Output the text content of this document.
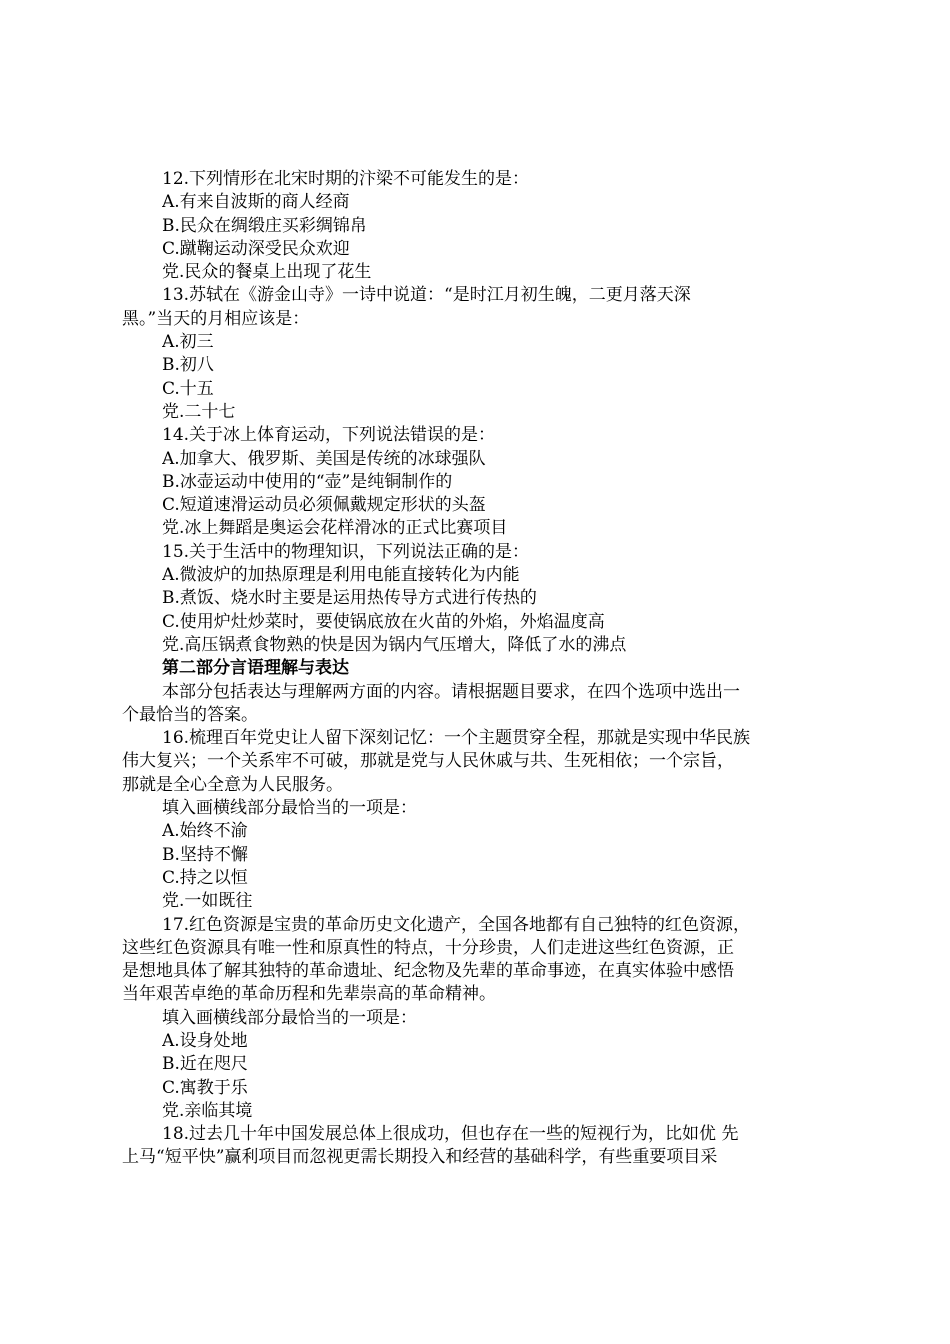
12.下列情形在北宋时期的汴梁不可能发生的是：
A.有来自波斯的商人经商
B.民众在绸缎庄买彩绸锦帛
C.蹴鞠运动深受民众欢迎
党.民众的餐桌上出现了花生
13.苏轼在《游金山寺》一诗中说道：“是时江月初生魄，二更月落天深
黑。”当天的月相应该是：
A.初三
B.初八
C.十五
党.二十七
14.关于冰上体育运动，下列说法错误的是：
A.加拿大、俄罗斯、美国是传统的冰球强队
B.冰壶运动中使用的“壶”是纯铜制作的
C.短道速滑运动员必须佩戴规定形状的头盔
党.冰上舞蹈是奥运会花样滑冰的正式比赛项目
15.关于生活中的物理知识，下列说法正确的是：
A.微波炉的加热原理是利用电能直接转化为内能
B.煮饭、烧水时主要是运用热传导方式进行传热的
C.使用炉灶炒菜时，要使锅底放在火苗的外焰，外焰温度高
党.高压锅煮食物熟的快是因为锅内气压增大，降低了水的沸点
第二部分言语理解与表达
本部分包括表达与理解两方面的内容。请根据题目要求，在四个选项中选出一
个最恰当的答案。
16.梳理百年党史让人留下深刻记忆：一个主题贯穿全程，那就是实现中华民族
伟大复兴；一个关系牢不可破，那就是党与人民休戚与共、生死相依；一个宗旨，
那就是全心全意为人民服务。
填入画横线部分最恰当的一项是：
A.始终不渝
B.坚持不懈
C.持之以恒
党.一如既往
17.红色资源是宝贵的革命历史文化遗产，全国各地都有自己独特的红色资源，
这些红色资源具有唯一性和原真性的特点，十分珍贵，人们走进这些红色资源，正
是想地具体了解其独特的革命遗址、纪念物及先辈的革命事迹，在真实体验中感悟
当年艰苦卓绝的革命历程和先辈崇高的革命精神。
填入画横线部分最恰当的一项是：
A.设身处地
B.近在咫尺
C.寓教于乐
党.亲临其境
18.过去几十年中国发展总体上很成功，但也存在一些的短视行为，比如优 先
上马“短平快”赢利项目而忽视更需长期投入和经营的基础科学，有些重要项目采
